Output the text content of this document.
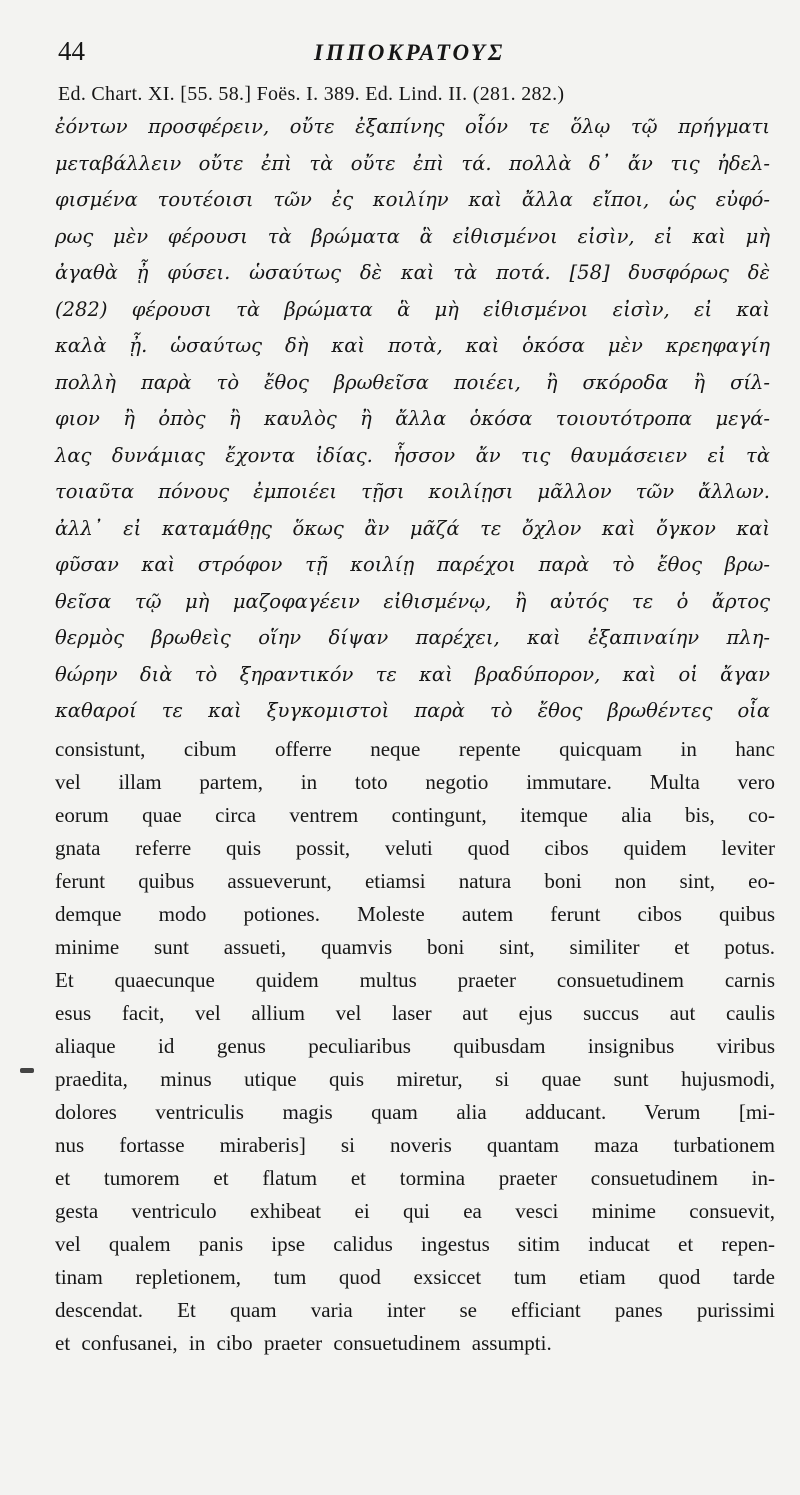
44	ΙΠΠΟΚΡΑΤΟΥΣ
Ed. Chart. XI. [55. 58.] Foës. I. 389. Ed. Lind. II. (281. 282.)
ἐόντων προσφέρειν, οὔτε ἐξαπίνης οἷόν τε ὅλῳ τῷ πρήγματι
μεταβάλλειν οὔτε ἐπὶ τὰ οὔτε ἐπὶ τά. πολλὰ δ᾽ ἄν τις ἠδελ-
φισμένα τουτέοισι τῶν ἐς κοιλίην καὶ ἄλλα εἴποι, ὡς εὐφό-
ρως μὲν φέρουσι τὰ βρώματα ἃ εἰθισμένοι εἰσὶν, εἰ καὶ μὴ
ἀγαθὰ ᾖ φύσει. ὡσαύτως δὲ καὶ τὰ ποτά. [58] δυσφόρως δὲ
(282) φέρουσι τὰ βρώματα ἃ μὴ εἰθισμένοι εἰσὶν, εἰ καὶ
καλὰ ᾖ. ὡσαύτως δὴ καὶ ποτὰ, καὶ ὁκόσα μὲν κρεηφαγίη
πολλὴ παρὰ τὸ ἔθος βρωθεῖσα ποιέει, ἢ σκόροδα ἢ σίλ-
φιον ἢ ὀπὸς ἢ καυλὸς ἢ ἄλλα ὁκόσα τοιουτότροπα μεγά-
λας δυνάμιας ἔχοντα ἰδίας. ἧσσον ἄν τις θαυμάσειεν εἰ τὰ
τοιαῦτα πόνους ἐμποιέει τῇσι κοιλίῃσι μᾶλλον τῶν ἄλλων.
ἀλλ᾽ εἰ καταμάθῃς ὅκως ἂν μᾶζά τε ὄχλον καὶ ὄγκον καὶ
φῦσαν καὶ στρόφον τῇ κοιλίῃ παρέχοι παρὰ τὸ ἔθος βρω-
θεῖσα τῷ μὴ μαζοφαγέειν εἰθισμένῳ, ἢ αὐτός τε ὁ ἄρτος
θερμὸς βρωθεὶς οἵην δίψαν παρέχει, καὶ ἐξαπιναίην πλη-
θώρην διὰ τὸ ξηραντικόν τε καὶ βραδύπορον, καὶ οἱ ἄγαν
καθαροί τε καὶ ξυγκομιστοὶ παρὰ τὸ ἔθος βρωθέντες οἷα
consistunt, cibum offerre neque repente quicquam in hanc
vel illam partem, in toto negotio immutare. Multa vero
eorum quae circa ventrem contingunt, itemque alia bis, co-
gnata referre quis possit, veluti quod cibos quidem leviter
ferunt quibus assueverunt, etiamsi natura boni non sint, eo-
demque modo potiones. Moleste autem ferunt cibos quibus
minime sunt assueti, quamvis boni sint, similiter et potus.
Et quaecunque quidem multus praeter consuetudinem carnis
esus facit, vel allium vel laser aut ejus succus aut caulis
aliaque id genus peculiaribus quibusdam insignibus viribus
praedita, minus utique quis miretur, si quae sunt hujusmodi,
dolores ventriculis magis quam alia adducant. Verum [mi-
nus fortasse miraberis] si noveris quantam maza turbationem
et tumorem et flatum et tormina praeter consuetudinem in-
gesta ventriculo exhibeat ei qui ea vesci minime consuevit,
vel qualem panis ipse calidus ingestus sitim inducat et repen-
tinam repletionem, tum quod exsiccet tum etiam quod tarde
descendat. Et quam varia inter se efficiant panes purissimi
et confusanei, in cibo praeter consuetudinem assumpti.
